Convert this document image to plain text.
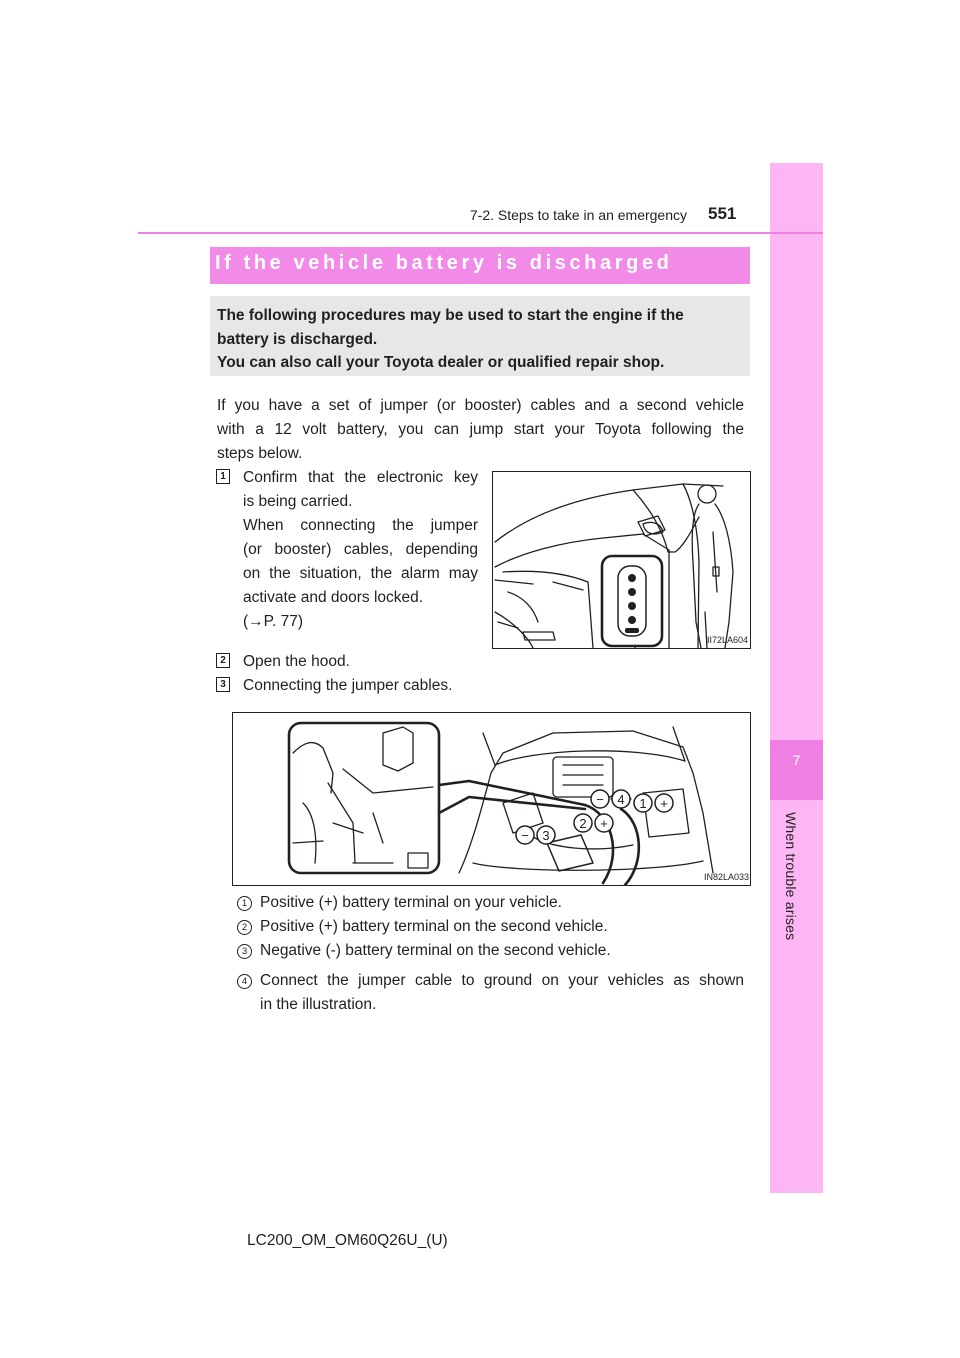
7
When trouble arises
7-2. Steps to take in an emergency 551
If the vehicle battery is discharged
The following procedures may be used to start the engine if the
battery is discharged.
You can also call your Toyota dealer or qualified repair shop.
If you have a set of jumper (or booster) cables and a second vehicle
with a 12 volt battery, you can jump start your Toyota following the
steps below.
1 Confirm that the electronic key
is being carried.
When connecting the jumper
(or booster) cables, depending
on the situation, the alarm may
activate and doors locked.
(→P. 77)
II72LA604
2 Open the hood.
3 Connecting the jumper cables.
− 4 1 +
− 3
2 +
IN82LA033
1 Positive (+) battery terminal on your vehicle.
2 Positive (+) battery terminal on the second vehicle.
3 Negative (-) battery terminal on the second vehicle.
4 Connect the jumper cable to ground on your vehicles as shown
in the illustration.
LC200_OM_OM60Q26U_(U)
